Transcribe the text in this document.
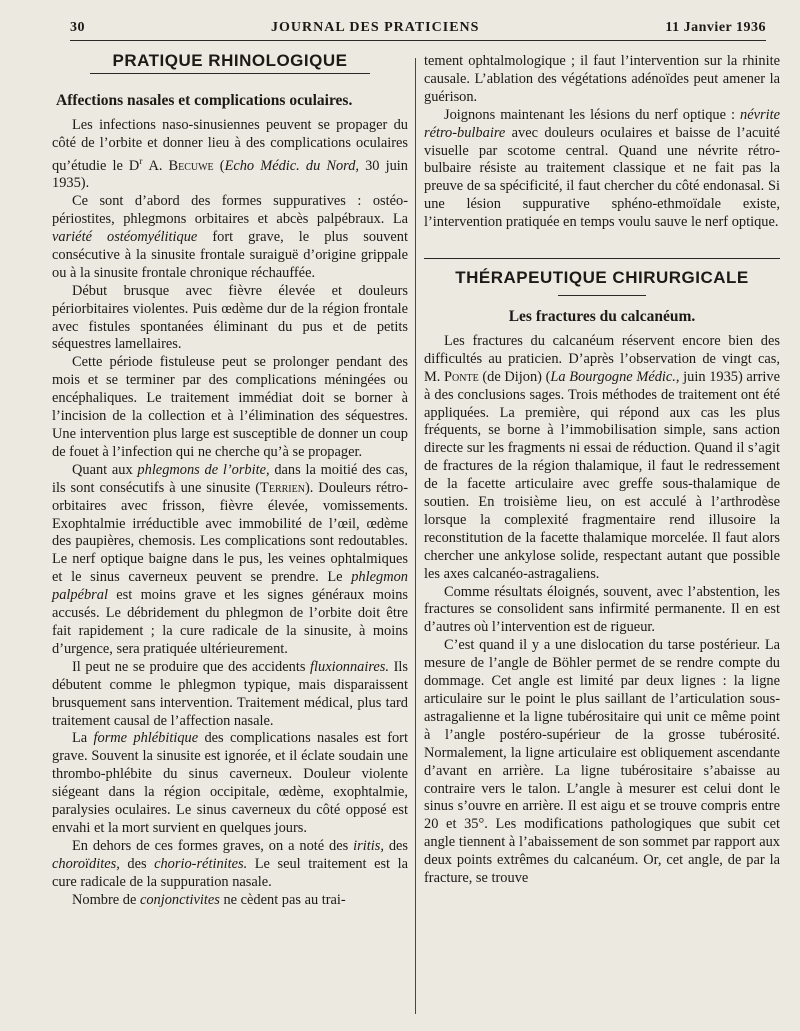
30	JOURNAL DES PRATICIENS	11 Janvier 1936
PRATIQUE RHINOLOGIQUE
Affections nasales et complications oculaires.

Les infections naso-sinusiennes peuvent se propager du côté de l’orbite et donner lieu à des complications oculaires qu’étudie le $D^r$ A. Becuwe (Echo Médic. du Nord, 30 juin 1935).

Ce sont d’abord des formes suppuratives : ostéo-périostites, phlegmons orbitaires et abcès palpébraux. La variété ostéomyélitique fort grave, le plus souvent consécutive à la sinusite frontale suraiguë d’origine grippale ou à la sinusite frontale chronique réchauffée.

Début brusque avec fièvre élevée et douleurs périorbitaires violentes. Puis œdème dur de la région frontale avec fistules spontanées éliminant du pus et de petits séquestres lamellaires.

Cette période fistuleuse peut se prolonger pendant des mois et se terminer par des complications méningées ou encéphaliques. Le traitement immédiat doit se borner à l’incision de la collection et à l’élimination des séquestres. Une intervention plus large est susceptible de donner un coup de fouet à l’infection qui ne cherche qu’à se propager.

Quant aux phlegmons de l’orbite, dans la moitié des cas, ils sont consécutifs à une sinusite (Terrien). Douleurs rétro-orbitaires avec frisson, fièvre élevée, vomissements. Exophtalmie irréductible avec immobilité de l’œil, œdème des paupières, chemosis. Les complications sont redoutables. Le nerf optique baigne dans le pus, les veines ophtalmiques et le sinus caverneux peuvent se prendre. Le phlegmon palpébral est moins grave et les signes généraux moins accusés. Le débridement du phlegmon de l’orbite doit être fait rapidement ; la cure radicale de la sinusite, à moins d’urgence, sera pratiquée ultérieurement.

Il peut ne se produire que des accidents fluxionnaires. Ils débutent comme le phlegmon typique, mais disparaissent brusquement sans intervention. Traitement médical, plus tard traitement causal de l’affection nasale.

La forme phlébitique des complications nasales est fort grave. Souvent la sinusite est ignorée, et il éclate soudain une thrombo-phlébite du sinus caverneux. Douleur violente siégeant dans la région occipitale, œdème, exophtalmie, paralysies oculaires. Le sinus caverneux du côté opposé est envahi et la mort survient en quelques jours.

En dehors de ces formes graves, on a noté des iritis, des choroïdites, des chorio-rétinites. Le seul traitement est la cure radicale de la suppuration nasale.

Nombre de conjonctivites ne cèdent pas au trai-

tement ophtalmologique ; il faut l’intervention sur la rhinite causale. L’ablation des végétations adénoïdes peut amener la guérison.

Joignons maintenant les lésions du nerf optique : névrite rétro-bulbaire avec douleurs oculaires et baisse de l’acuité visuelle par scotome central. Quand une névrite rétro-bulbaire résiste au traitement classique et ne fait pas la preuve de sa spécificité, il faut chercher du côté endonasal. Si une lésion suppurative sphéno-ethmoïdale existe, l’intervention pratiquée en temps voulu sauve le nerf optique.

THÉRAPEUTIQUE CHIRURGICALE
Les fractures du calcanéum.

Les fractures du calcanéum réservent encore bien des difficultés au praticien. D’après l’observation de vingt cas, M. Ponte (de Dijon) (La Bourgogne Médic., juin 1935) arrive à des conclusions sages. Trois méthodes de traitement ont été appliquées. La première, qui répond aux cas les plus fréquents, se borne à l’immobilisation simple, sans action directe sur les fragments ni essai de réduction. Quand il s’agit de fractures de la région thalamique, il faut le redressement de la facette articulaire avec greffe sous-thalamique de soutien. En troisième lieu, on est acculé à l’arthrodèse lorsque la complexité fragmentaire rend illusoire la reconstitution de la facette thalamique morcelée. Il faut alors chercher une ankylose solide, respectant autant que possible les axes calcanéo-astragaliens.

Comme résultats éloignés, souvent, avec l’abstention, les fractures se consolident sans infirmité permanente. Il en est d’autres où l’intervention est de rigueur.

C’est quand il y a une dislocation du tarse postérieur. La mesure de l’angle de Böhler permet de se rendre compte du dommage. Cet angle est limité par deux lignes : la ligne articulaire sur le point le plus saillant de l’articulation sous-astragalienne et la ligne tubérositaire qui unit ce même point à l’angle postéro-supérieur de la grosse tubérosité. Normalement, la ligne articulaire est obliquement ascendante d’avant en arrière. La ligne tubérositaire s’abaisse au contraire vers le talon. L’angle à mesurer est celui dont le sinus s’ouvre en arrière. Il est aigu et se trouve compris entre 20 et 35°. Les modifications pathologiques que subit cet angle tiennent à l’abaissement de son sommet par rapport aux deux points extrêmes du calcanéum. Or, cet angle, de par la fracture, se trouve
